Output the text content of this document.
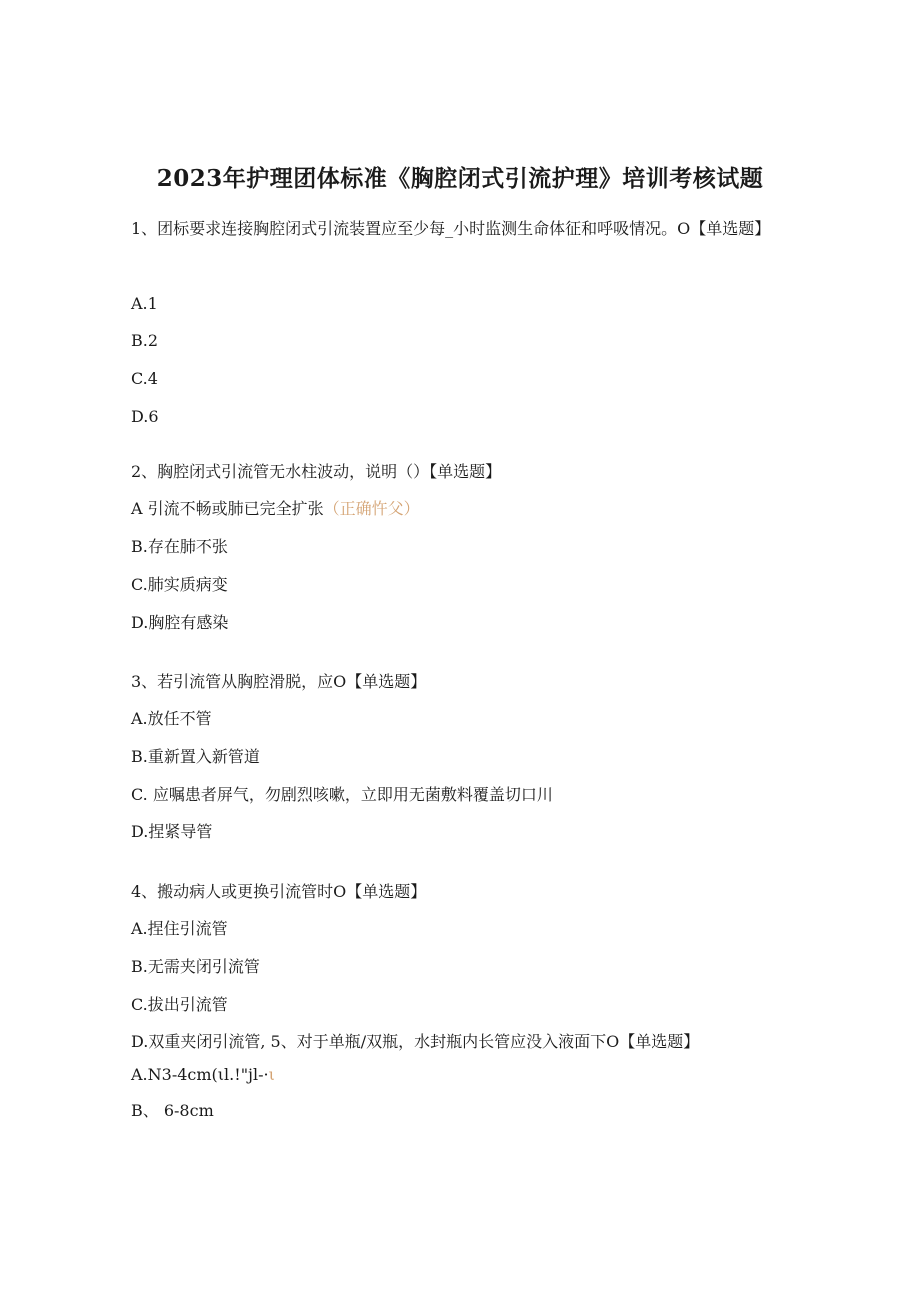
2023年护理团体标准《胸腔闭式引流护理》培训考核试题

1、团标要求连接胸腔闭式引流装置应至少每_小时监测生命体征和呼吸情况。O【单选题】

A.1

B.2

C.4

D.6

2、胸腔闭式引流管无水柱波动，说明（）【单选题】

A 引流不畅或肺已完全扩张（正确忤父）

B.存在肺不张

C.肺实质病变

D.胸腔有感染

3、若引流管从胸腔滑脱，应O【单选题】

A.放任不管

B.重新置入新管道

C. 应嘱患者屏气，勿剧烈咳嗽，立即用无菌敷料覆盖切口川

D.捏紧导管

4、搬动病人或更换引流管时O【单选题】

A.捏住引流管

B.无需夹闭引流管

C.拔出引流管

D.双重夹闭引流管, 5、对于单瓶/双瓶，水封瓶内长管应没入液面下O【单选题】

A.N3-4cm(ιl.!"jl-·ι

B、 6-8cm
